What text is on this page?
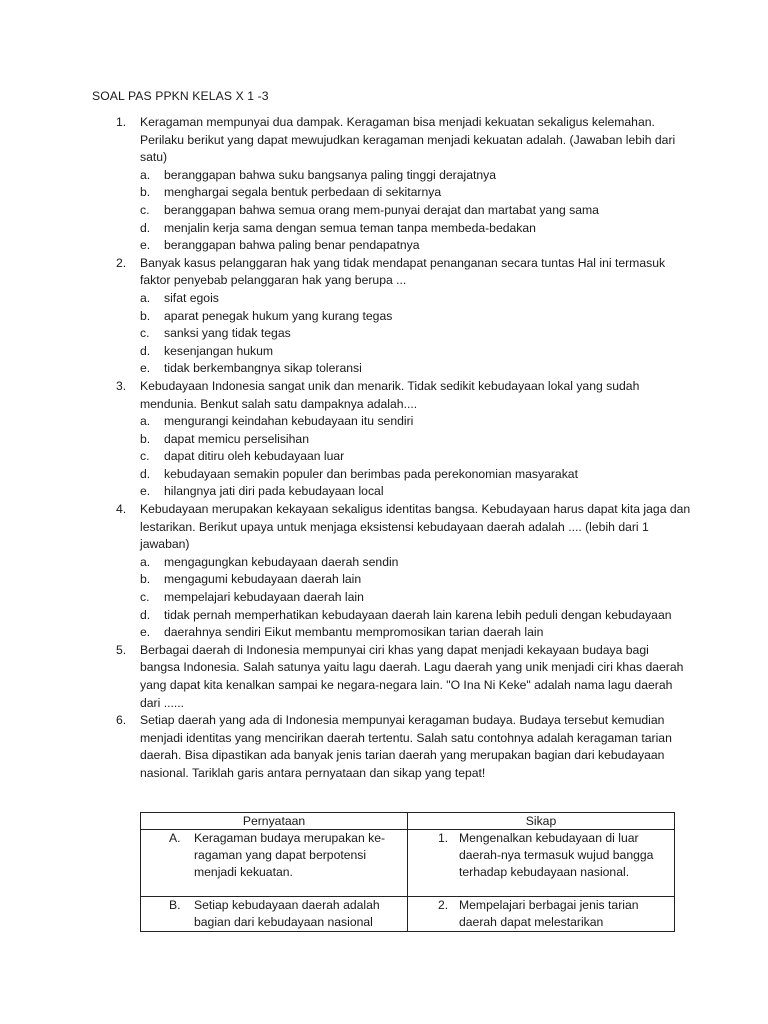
SOAL PAS PPKN KELAS X 1 -3
1. Keragaman mempunyai dua dampak. Keragaman bisa menjadi kekuatan sekaligus kelemahan. Perilaku berikut yang dapat mewujudkan keragaman menjadi kekuatan adalah. (Jawaban lebih dari satu)
a. beranggapan bahwa suku bangsanya paling tinggi derajatnya
b. menghargai segala bentuk perbedaan di sekitarnya
c. beranggapan bahwa semua orang mem-punyai derajat dan martabat yang sama
d. menjalin kerja sama dengan semua teman tanpa membeda-bedakan
e. beranggapan bahwa paling benar pendapatnya
2. Banyak kasus pelanggaran hak yang tidak mendapat penanganan secara tuntas Hal ini termasuk faktor penyebab pelanggaran hak yang berupa ...
a. sifat egois
b. aparat penegak hukum yang kurang tegas
c. sanksi yang tidak tegas
d. kesenjangan hukum
e. tidak berkembangnya sikap toleransi
3. Kebudayaan Indonesia sangat unik dan menarik. Tidak sedikit kebudayaan lokal yang sudah mendunia. Benkut salah satu dampaknya adalah....
a. mengurangi keindahan kebudayaan itu sendiri
b. dapat memicu perselisihan
c. dapat ditiru oleh kebudayaan luar
d. kebudayaan semakin populer dan berimbas pada perekonomian masyarakat
e. hilangnya jati diri pada kebudayaan local
4. Kebudayaan merupakan kekayaan sekaligus identitas bangsa. Kebudayaan harus dapat kita jaga dan lestarikan. Berikut upaya untuk menjaga eksistensi kebudayaan daerah adalah .... (lebih dari 1 jawaban)
a. mengagungkan kebudayaan daerah sendin
b. mengagumi kebudayaan daerah lain
c. mempelajari kebudayaan daerah lain
d. tidak pernah memperhatikan kebudayaan daerah lain karena lebih peduli dengan kebudayaan
e. daerahnya sendiri Eikut membantu mempromosikan tarian daerah lain
5. Berbagai daerah di Indonesia mempunyai ciri khas yang dapat menjadi kekayaan budaya bagi bangsa Indonesia. Salah satunya yaitu lagu daerah. Lagu daerah yang unik menjadi ciri khas daerah yang dapat kita kenalkan sampai ke negara-negara lain. "O Ina Ni Keke" adalah nama lagu daerah dari ......
6. Setiap daerah yang ada di Indonesia mempunyai keragaman budaya. Budaya tersebut kemudian menjadi identitas yang mencirikan daerah tertentu. Salah satu contohnya adalah keragaman tarian daerah. Bisa dipastikan ada banyak jenis tarian daerah yang merupakan bagian dari kebudayaan nasional. Tariklah garis antara pernyataan dan sikap yang tepat!
Pernyataan	Sikap

A. Keragaman budaya merupakan ke-ragaman yang dapat berpotensi menjadi kekuatan.	1. Mengenalkan kebudayaan di luar daerah-nya termasuk wujud bangga terhadap kebudayaan nasional.

B. Setiap kebudayaan daerah adalah bagian dari kebudayaan nasional	2. Mempelajari berbagai jenis tarian daerah dapat melestarikan
